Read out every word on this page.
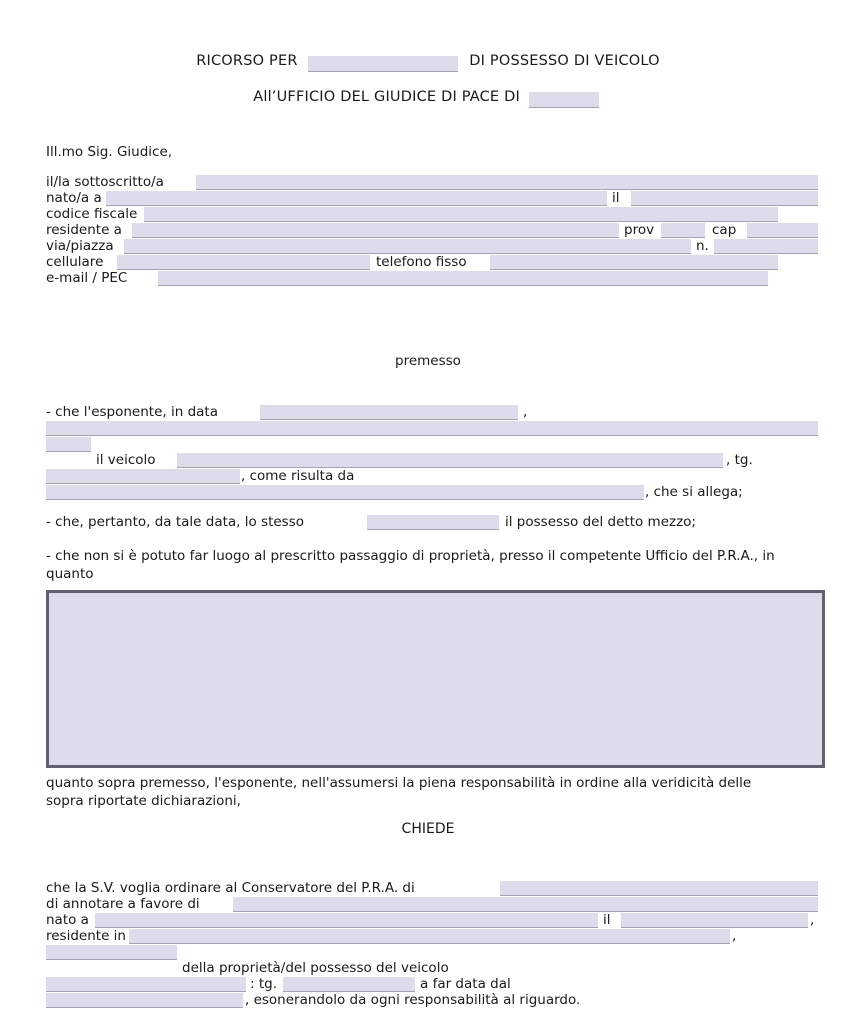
RICORSO PER	DI POSSESSO DI VEICOLO
All’UFFICIO DEL GIUDICE DI PACE DI
Ill.mo Sig. Giudice,
il/la sottoscritto/a
nato/a a	il
codice fiscale
residente a	prov	cap
via/piazza	n.
cellulare	telefono fisso
e-mail / PEC
premesso
- che l'esponente, in data	,
il veicolo	, tg.
, come risulta da
, che si allega;
- che, pertanto, da tale data, lo stesso	il possesso del detto mezzo;
- che non si è potuto far luogo al prescritto passaggio di proprietà, presso il competente Ufficio del P.R.A., in quanto
quanto sopra premesso, l'esponente, nell'assumersi la piena responsabilità in ordine alla veridicità delle sopra riportate dichiarazioni,
CHIEDE
che la S.V. voglia ordinare al Conservatore del P.R.A. di
di annotare a favore di
nato a	il	,
residente in	,
della proprietà/del possesso del veicolo
: tg.	a far data dal
, esonerandolo da ogni responsabilità al riguardo.
